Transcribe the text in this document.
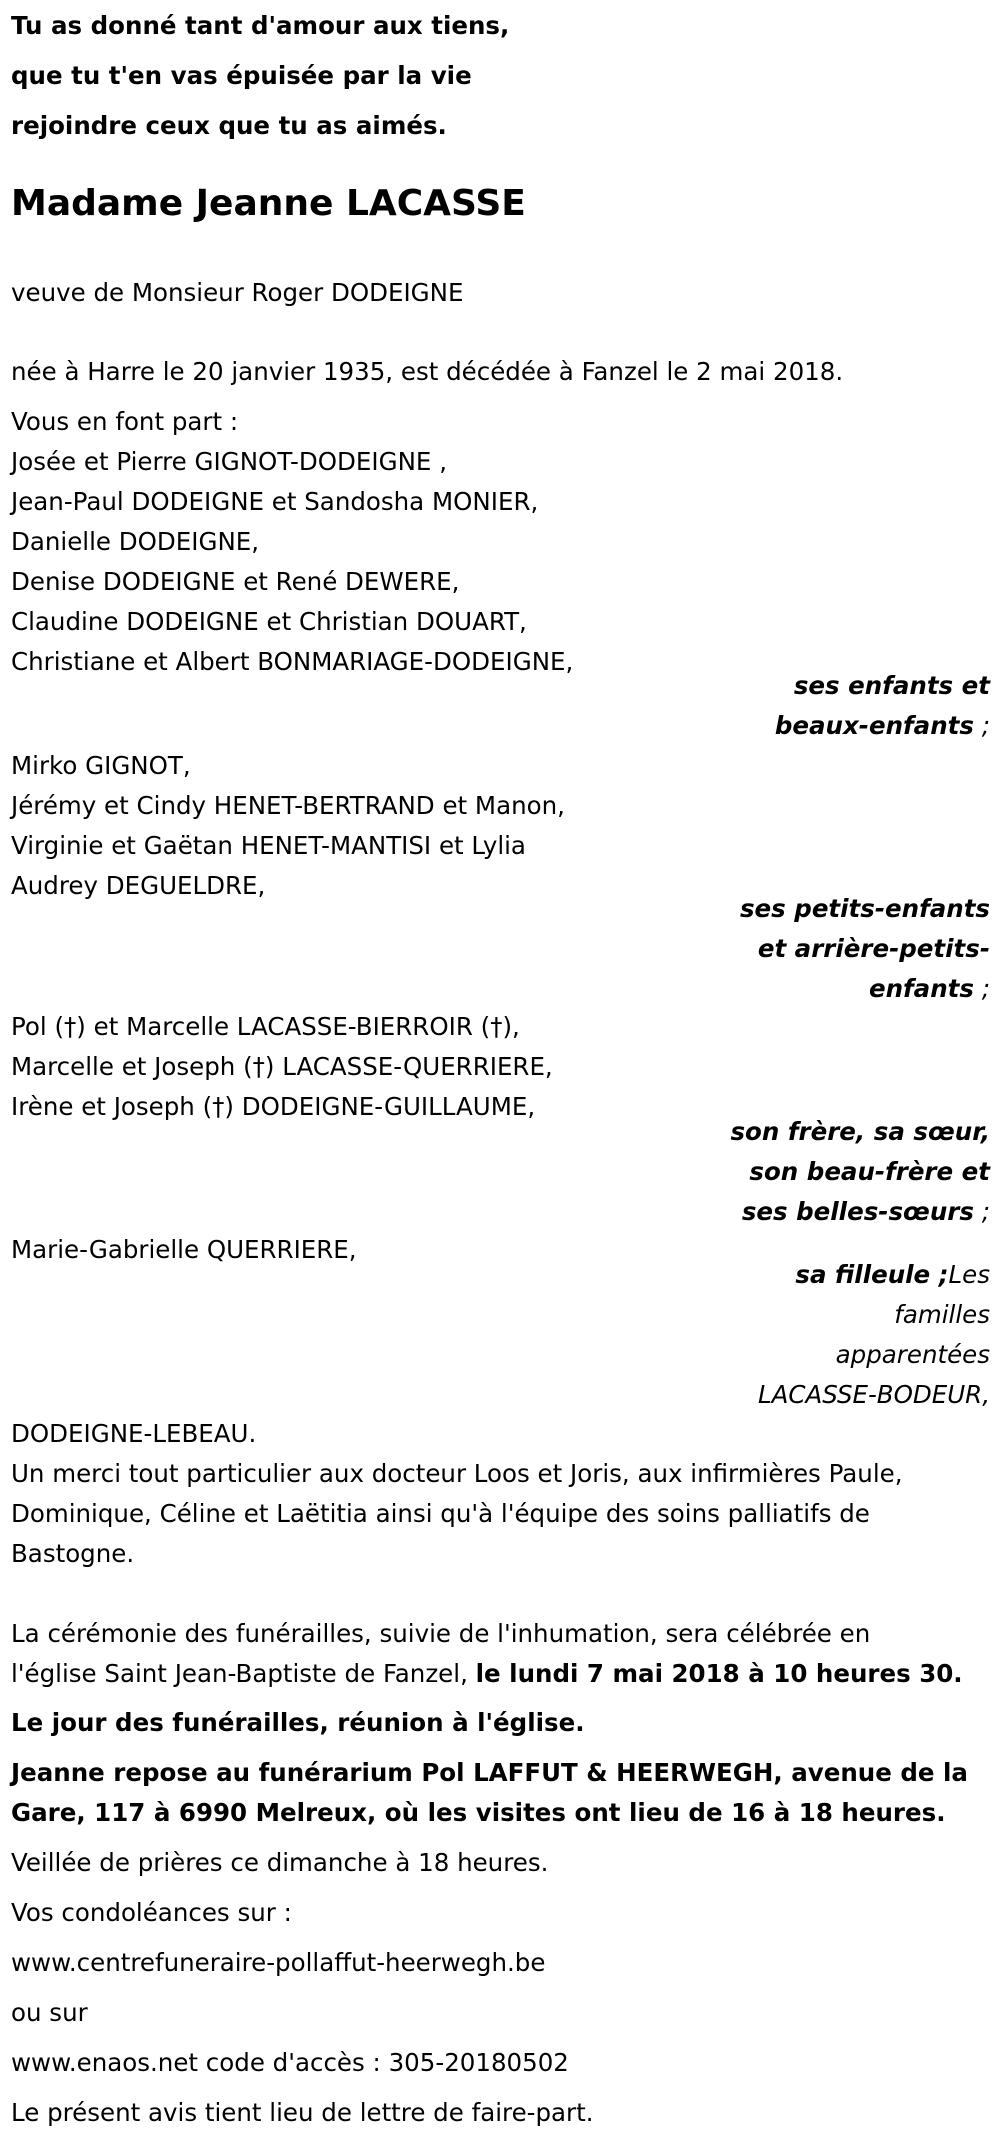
Tu as donné tant d'amour aux tiens,
que tu t'en vas épuisée par la vie
rejoindre ceux que tu as aimés.
Madame Jeanne LACASSE
veuve de Monsieur Roger DODEIGNE
née à Harre le 20 janvier 1935, est décédée à Fanzel le 2 mai 2018.
Vous en font part :
Josée et Pierre GIGNOT-DODEIGNE ,
Jean-Paul DODEIGNE et Sandosha MONIER,
Danielle DODEIGNE,
Denise DODEIGNE et René DEWERE,
Claudine DODEIGNE et Christian DOUART,
Christiane et Albert BONMARIAGE-DODEIGNE,
ses enfants et
beaux-enfants ;
Mirko GIGNOT,
Jérémy et Cindy HENET-BERTRAND et Manon,
Virginie et Gaëtan HENET-MANTISI et Lylia
Audrey DEGUELDRE,
ses petits-enfants
et arrière-petits-
enfants ;
Pol (†) et Marcelle LACASSE-BIERROIR (†),
Marcelle et Joseph (†) LACASSE-QUERRIERE,
Irène et Joseph (†) DODEIGNE-GUILLAUME,
son frère, sa sœur,
son beau-frère et
ses belles-sœurs ;
Marie-Gabrielle QUERRIERE,
sa filleule ;Les
familles
apparentées
LACASSE-BODEUR,
DODEIGNE-LEBEAU.
Un merci tout particulier aux docteur Loos et Joris, aux infirmières Paule,
Dominique, Céline et Laëtitia ainsi qu'à l'équipe des soins palliatifs de
Bastogne.
La cérémonie des funérailles, suivie de l'inhumation, sera célébrée en
l'église Saint Jean-Baptiste de Fanzel, le lundi 7 mai 2018 à 10 heures 30.
Le jour des funérailles, réunion à l'église.
Jeanne repose au funérarium Pol LAFFUT & HEERWEGH, avenue de la
Gare, 117 à 6990 Melreux, où les visites ont lieu de 16 à 18 heures.
Veillée de prières ce dimanche à 18 heures.
Vos condoléances sur :
www.centrefuneraire-pollaffut-heerwegh.be
ou sur
www.enaos.net code d'accès : 305-20180502
Le présent avis tient lieu de lettre de faire-part.
